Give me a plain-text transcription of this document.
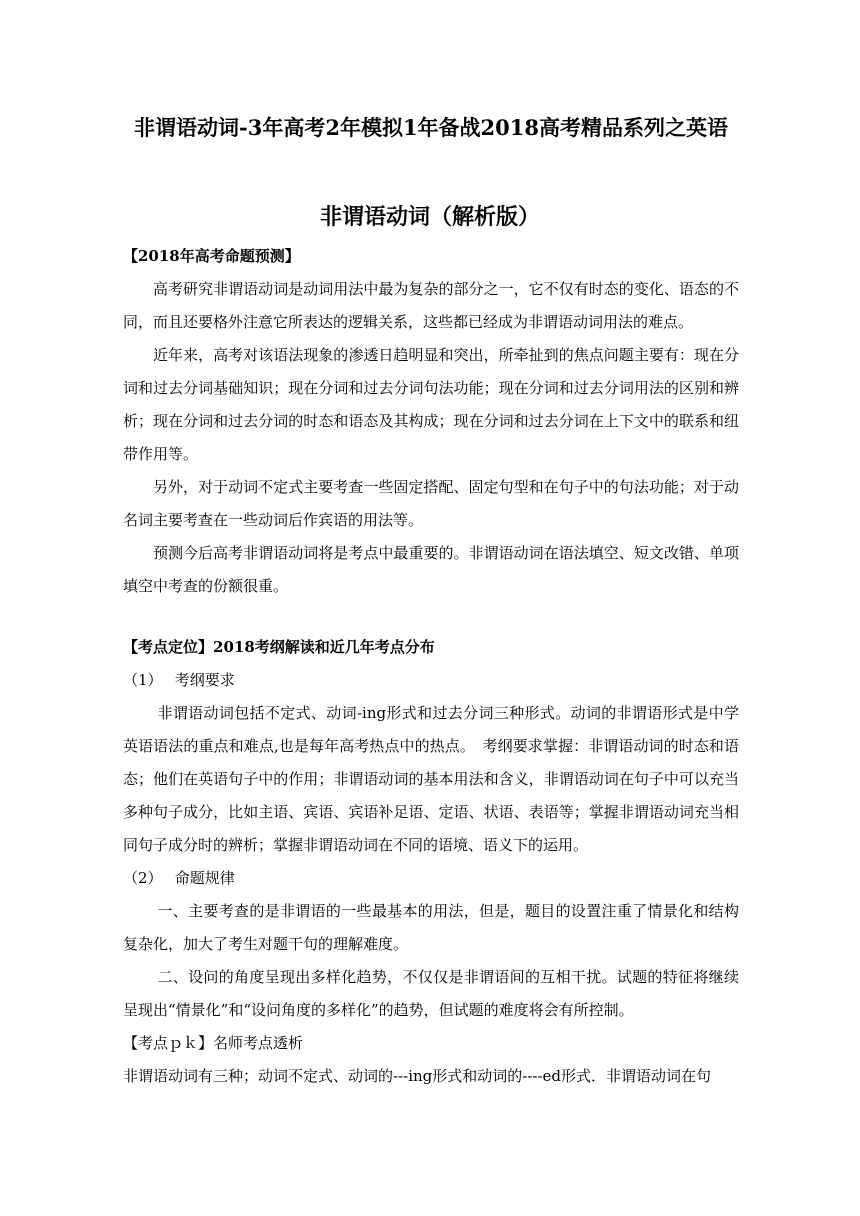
非谓语动词-3年高考2年模拟1年备战2018高考精品系列之英语
非谓语动词（解析版）
【2018年高考命题预测】
高考研究非谓语动词是动词用法中最为复杂的部分之一，它不仅有时态的变化、语态的不同，而且还要格外注意它所表达的逻辑关系，这些都已经成为非谓语动词用法的难点。
近年来，高考对该语法现象的渗透日趋明显和突出，所牵扯到的焦点问题主要有：现在分词和过去分词基础知识；现在分词和过去分词句法功能；现在分词和过去分词用法的区别和辨析；现在分词和过去分词的时态和语态及其构成；现在分词和过去分词在上下文中的联系和纽带作用等。
另外，对于动词不定式主要考查一些固定搭配、固定句型和在句子中的句法功能；对于动名词主要考查在一些动词后作宾语的用法等。
预测今后高考非谓语动词将是考点中最重要的。非谓语动词在语法填空、短文改错、单项填空中考查的份额很重。
【考点定位】2018考纲解读和近几年考点分布
（1）　 考纲要求
非谓语动词包括不定式、动词-ing形式和过去分词三种形式。动词的非谓语形式是中学英语语法的重点和难点,也是每年高考热点中的热点。　考纲要求掌握：非谓语动词的时态和语态；他们在英语句子中的作用；非谓语动词的基本用法和含义，非谓语动词在句子中可以充当多种句子成分，比如主语、宾语、宾语补足语、定语、状语、表语等；掌握非谓语动词充当相同句子成分时的辨析；掌握非谓语动词在不同的语境、语义下的运用。
（2）　 命题规律
一、主要考查的是非谓语的一些最基本的用法，但是，题目的设置注重了情景化和结构复杂化，加大了考生对题干句的理解难度。
二、设问的角度呈现出多样化趋势，不仅仅是非谓语间的互相干扰。试题的特征将继续呈现出“情景化”和“设问角度的多样化”的趋势，但试题的难度将会有所控制。
【考点ｐｋ】名师考点透析
非谓语动词有三种；动词不定式、动词的---ing形式和动词的----ed形式．非谓语动词在句
